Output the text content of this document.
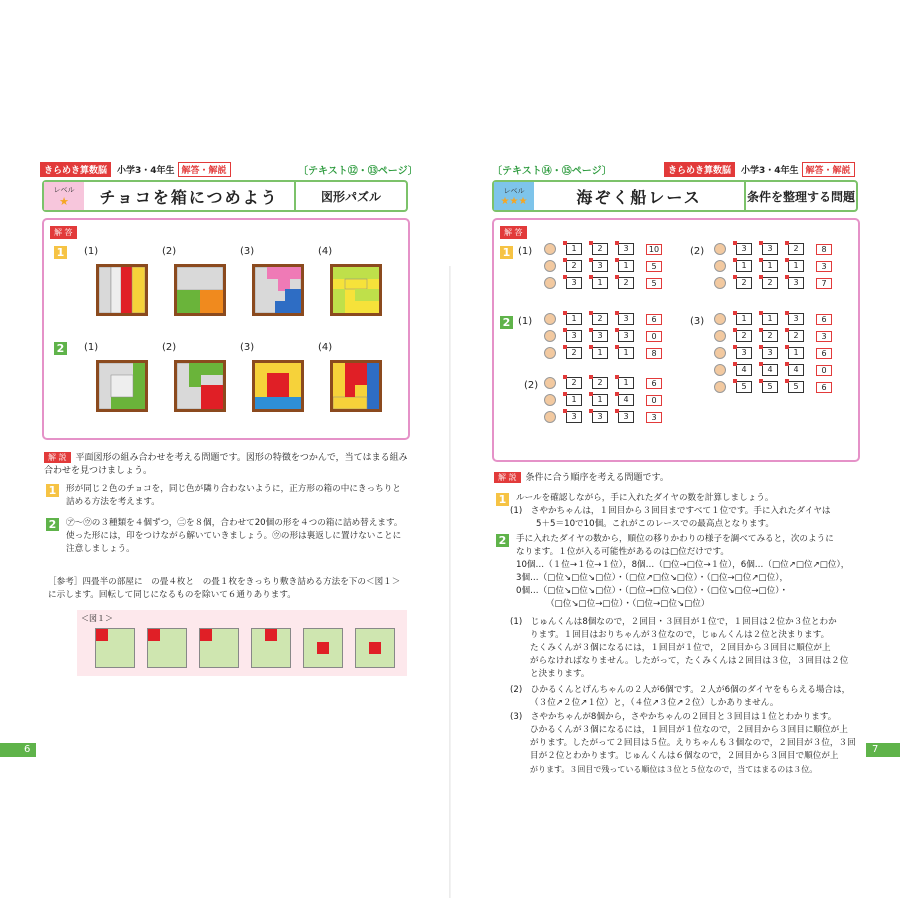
きらめき算数脳	小学3・4年生 解答・解説	〔テキスト⑫・⑬ページ〕
レベル
★	チョコを箱につめよう	図形パズル
解 答
1
2
(1)	(2)	(3)	(4)
(1)	(2)	(3)	(4)
解 説 平面図形の組み合わせを考える問題です。図形の特徴をつかんで，当てはまる組み合わせを見つけましょう。
1	形が同じ２色のチョコを，同じ色が隣り合わないように，正方形の箱の中にきっちりと詰める方法を考えます。
2	㋐～㋒の３種類を４個ずつ，㊁を８個，合わせて20個の形を４つの箱に詰め替えます。使った形には，印をつけながら解いていきましょう。㋒の形は裏返しに置けないことに注意しましょう。
［参考］四畳半の部屋に　の畳４枚と　の畳１枚をきっちり敷き詰める方法を下の＜図１＞に示します。回転して同じになるものを除いて６通りあります。
＜図１＞
6
〔テキスト⑭・⑮ページ〕	きらめき算数脳	小学3・4年生 解答・解説
レベル
★★★	海ぞく船レース	条件を整理する問題
解 答
1
2
(1)	(2)
(1)
(2)
(3)
1	2	3	10
2	3	1	5
3	1	2	5
3	3	2	8
1	1	1	3
2	2	3	7
1	2	3	6
3	3	3	0
2	1	1	8
2	2	1	6
1	1	4	0
3	3	3	3
1	1	3	6
2	2	2	3
3	3	1	6
4	4	4	0
5	5	5	6
解 説 条件に合う順序を考える問題です。
1	ルールを確認しながら，手に入れたダイヤの数を計算しましょう。
(1)　さやかちゃんは，１回目から３回目まですべて１位です。手に入れたダイヤは
5＋5＝10で10個。これがこのレースでの最高点となります。
2	手に入れたダイヤの数から，順位の移りかわりの様子を調べてみると，次のように
なります。１位が入る可能性があるのは□位だけです。
10個…（１位→１位→１位），8個…（□位→□位→１位），6個…（□位↗□位↗□位），
3個…（□位↘□位↘□位）・（□位↗□位↘□位）・（□位→□位↗□位），
0個…（□位↘□位↘□位）・（□位→□位↘□位）・（□位↘□位→□位）・
（□位↘□位→□位）・（□位→□位↘□位）
(1)　じゅんくんは8個なので，２回目・３回目が１位で，１回目は２位か３位とわか
ります。１回目はおりちゃんが３位なので，じゅんくんは２位と決まります。
たくみくんが３個になるには，１回目が１位で，２回目から３回目に順位が上
がらなければなりません。したがって，たくみくんは２回目は３位，３回目は２位
と決まります。
(2)　ひかるくんとげんちゃんの２人が6個です。２人が6個のダイヤをもらえる場合は，
（３位↗２位↗１位）と，（４位↗３位↗２位）しかありません。
(3)　さやかちゃんが8個から，さやかちゃんの２回目と３回目は１位とわかります。
ひかるくんが３個になるには，１回目が１位なので，２回目から３回目に順位が上
がります。したがって２回目は５位。えりちゃんも３個なので，２回目が３位，３回
目が２位とわかります。じゅんくんは６個なので，２回目から３回目で順位が上
がります。３回目で残っている順位は３位と５位なので，当てはまるのは３位。
7
